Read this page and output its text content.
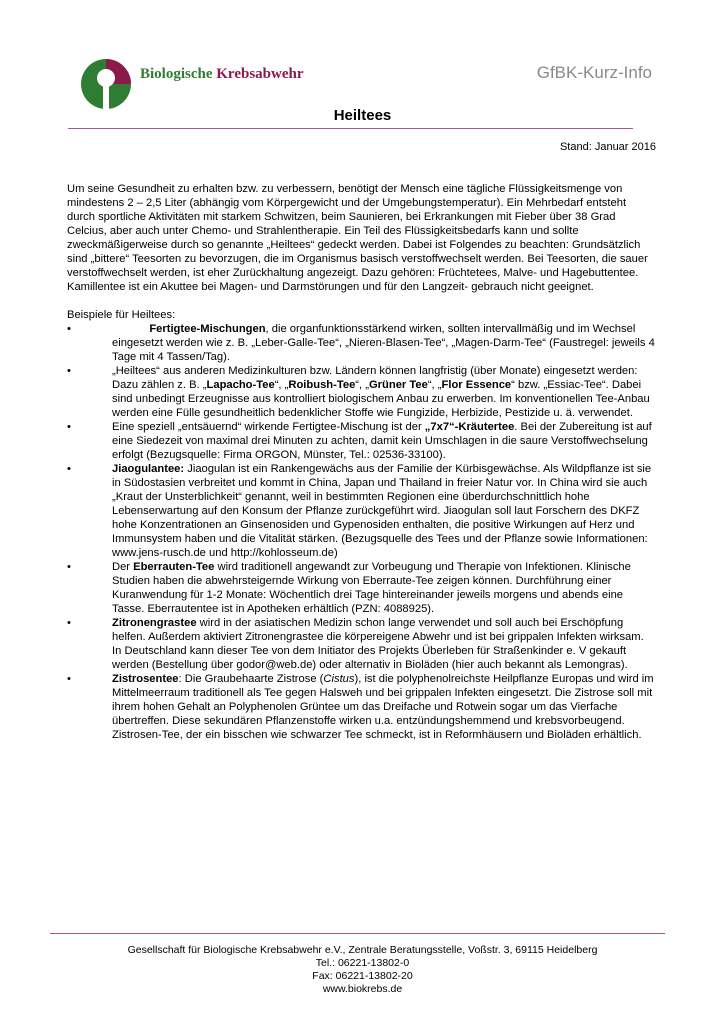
Biologische Krebsabwehr	GfBK-Kurz-Info
Heiltees
Stand: Januar 2016

Um seine Gesundheit zu erhalten bzw. zu verbessern, benötigt der Mensch eine tägliche Flüssigkeitsmenge von mindestens 2 – 2,5 Liter (abhängig vom Körpergewicht und der Umgebungstemperatur). Ein Mehrbedarf entsteht durch sportliche Aktivitäten mit starkem Schwitzen, beim Saunieren, bei Erkrankungen mit Fieber über 38 Grad Celcius, aber auch unter Chemo- und Strahlentherapie. Ein Teil des Flüssigkeitsbedarfs kann und sollte zweckmäßigerweise durch so genannte „Heiltees“ gedeckt werden. Dabei ist Folgendes zu beachten: Grundsätzlich sind „bittere“ Teesorten zu bevorzugen, die im Organismus basisch verstoffwechselt werden. Bei Teesorten, die sauer verstoffwechselt werden, ist eher Zurückhaltung angezeigt. Dazu gehören: Früchtetees, Malve- und Hagebuttentee. Kamillentee ist ein Akuttee bei Magen- und Darmstörungen und für den Langzeit- gebrauch nicht geeignet.

Beispiele für Heiltees:

•	Fertigtee-Mischungen, die organfunktionsstärkend wirken, sollten intervallmäßig und im Wechsel eingesetzt werden wie z. B. „Leber-Galle-Tee“, „Nieren-Blasen-Tee“, „Magen-Darm-Tee“ (Faustregel: jeweils 4 Tage mit 4 Tassen/Tag).
•	„Heiltees“ aus anderen Medizinkulturen bzw. Ländern können langfristig (über Monate) eingesetzt werden: Dazu zählen z. B. „Lapacho-Tee“, „Roibush-Tee“, „Grüner Tee“, „Flor Essence“ bzw. „Essiac-Tee“. Dabei sind unbedingt Erzeugnisse aus kontrolliert biologischem Anbau zu erwerben. Im konventionellen Tee-Anbau werden eine Fülle gesundheitlich bedenklicher Stoffe wie Fungizide, Herbizide, Pestizide u. ä. verwendet.
•	Eine speziell „entsäuernd“ wirkende Fertigtee-Mischung ist der „7x7“-Kräutertee. Bei der Zubereitung ist auf eine Siedezeit von maximal drei Minuten zu achten, damit kein Umschlagen in die saure Verstoffwechselung erfolgt (Bezugsquelle: Firma ORGON, Münster, Tel.: 02536-33100).
•	Jiaogulantee: Jiaogulan ist ein Rankengewächs aus der Familie der Kürbisgewächse. Als Wildpflanze ist sie in Südostasien verbreitet und kommt in China, Japan und Thailand in freier Natur vor. In China wird sie auch „Kraut der Unsterblichkeit“ genannt, weil in bestimmten Regionen eine überdurchschnittlich hohe Lebenserwartung auf den Konsum der Pflanze zurückgeführt wird. Jiaogulan soll laut Forschern des DKFZ hohe Konzentrationen an Ginsenosiden und Gypenosiden enthalten, die positive Wirkungen auf Herz und Immunsystem haben und die Vitalität stärken. (Bezugsquelle des Tees und der Pflanze sowie Informationen: www.jens-rusch.de und http://kohlosseum.de)
•	Der Eberrauten-Tee wird traditionell angewandt zur Vorbeugung und Therapie von Infektionen. Klinische Studien haben die abwehrsteigernde Wirkung von Eberraute-Tee zeigen können. Durchführung einer Kuranwendung für 1-2 Monate: Wöchentlich drei Tage hintereinander jeweils morgens und abends eine Tasse. Eberrautentee ist in Apotheken erhältlich (PZN: 4088925).
•	Zitronengrastee wird in der asiatischen Medizin schon lange verwendet und soll auch bei Erschöpfung helfen. Außerdem aktiviert Zitronengrastee die körpereigene Abwehr und ist bei grippalen Infekten wirksam. In Deutschland kann dieser Tee von dem Initiator des Projekts Überleben für Straßenkinder e. V gekauft werden (Bestellung über godor@web.de) oder alternativ in Bioläden (hier auch bekannt als Lemongras).
•	Zistrosentee: Die Graubehaarte Zistrose (Cistus), ist die polyphenolreichste Heilpflanze Europas und wird im Mittelmeerraum traditionell als Tee gegen Halsweh und bei grippalen Infekten eingesetzt. Die Zistrose soll mit ihrem hohen Gehalt an Polyphenolen Grüntee um das Dreifache und Rotwein sogar um das Vierfache übertreffen. Diese sekundären Pflanzenstoffe wirken u.a. entzündungshemmend und krebsvorbeugend. Zistrosen-Tee, der ein bisschen wie schwarzer Tee schmeckt, ist in Reformhäusern und Bioläden erhältlich.
Gesellschaft für Biologische Krebsabwehr e.V., Zentrale Beratungsstelle, Voßstr. 3, 69115 Heidelberg
Tel.: 06221-13802-0
Fax: 06221-13802-20
www.biokrebs.de
